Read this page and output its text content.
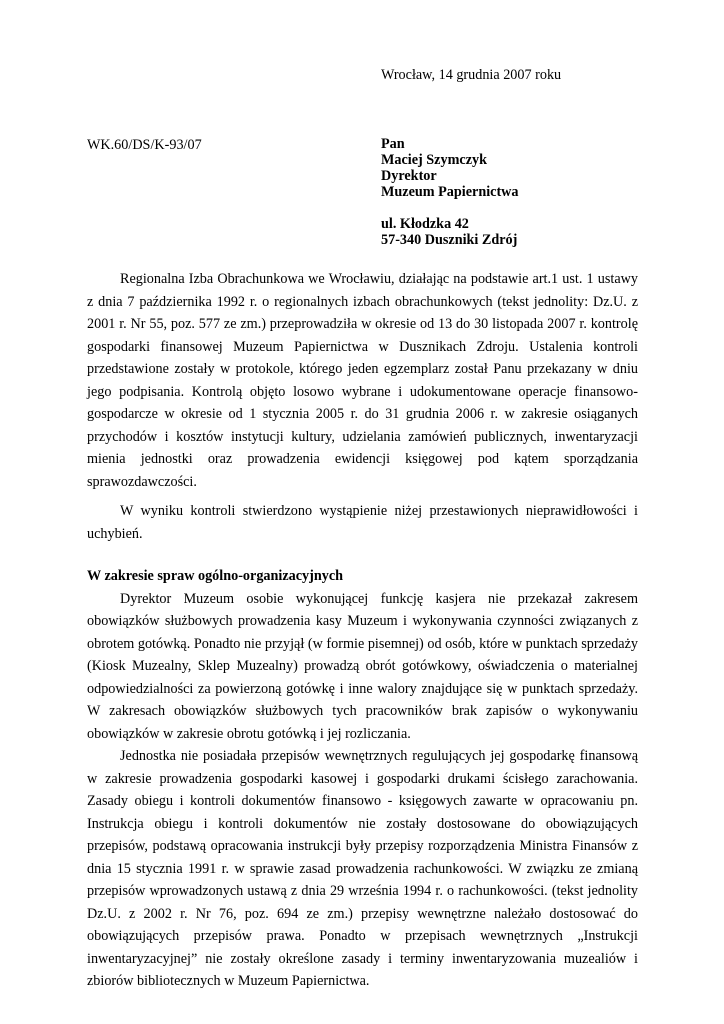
Wrocław, 14 grudnia 2007 roku
WK.60/DS/K-93/07	Pan
Maciej Szymczyk
Dyrektor
Muzeum Papiernictwa
ul. Kłodzka 42
57-340 Duszniki Zdrój

Regionalna Izba Obrachunkowa we Wrocławiu, działając na podstawie art.1 ust. 1 ustawy z dnia 7 października 1992 r. o regionalnych izbach obrachunkowych (tekst jednolity: Dz.U. z 2001 r. Nr 55, poz. 577 ze zm.) przeprowadziła w okresie od 13 do 30 listopada 2007 r. kontrolę gospodarki finansowej Muzeum Papiernictwa w Dusznikach Zdroju. Ustalenia kontroli przedstawione zostały w protokole, którego jeden egzemplarz został Panu przekazany w dniu jego podpisania. Kontrolą objęto losowo wybrane i udokumentowane operacje finansowo-gospodarcze w okresie od 1 stycznia 2005 r. do 31 grudnia 2006 r. w zakresie osiąganych przychodów i kosztów instytucji kultury, udzielania zamówień publicznych, inwentaryzacji mienia jednostki oraz prowadzenia ewidencji księgowej pod kątem sporządzania sprawozdawczości.

W wyniku kontroli stwierdzono wystąpienie niżej przestawionych nieprawidłowości i uchybień.

W zakresie spraw ogólno-organizacyjnych

Dyrektor Muzeum osobie wykonującej funkcję kasjera nie przekazał zakresem obowiązków służbowych prowadzenia kasy Muzeum i wykonywania czynności związanych z obrotem gotówką. Ponadto nie przyjął (w formie pisemnej) od osób, które w punktach sprzedaży (Kiosk Muzealny, Sklep Muzealny) prowadzą obrót gotówkowy, oświadczenia o materialnej odpowiedzialności za powierzoną gotówkę i inne walory znajdujące się w punktach sprzedaży. W zakresach obowiązków służbowych tych pracowników brak zapisów o wykonywaniu obowiązków w zakresie obrotu gotówką i jej rozliczania.

Jednostka nie posiadała przepisów wewnętrznych regulujących jej gospodarkę finansową w zakresie prowadzenia gospodarki kasowej i gospodarki drukami ścisłego zarachowania. Zasady obiegu i kontroli dokumentów finansowo - księgowych zawarte w opracowaniu pn. Instrukcja obiegu i kontroli dokumentów nie zostały dostosowane do obowiązujących przepisów, podstawą opracowania instrukcji były przepisy rozporządzenia Ministra Finansów z dnia 15 stycznia 1991 r. w sprawie zasad prowadzenia rachunkowości. W związku ze zmianą przepisów wprowadzonych ustawą z dnia 29 września 1994 r. o rachunkowości. (tekst jednolity Dz.U. z 2002 r. Nr 76, poz. 694 ze zm.) przepisy wewnętrzne należało dostosować do obowiązujących przepisów prawa. Ponadto w przepisach wewnętrznych „Instrukcji inwentaryzacyjnej” nie zostały określone zasady i terminy inwentaryzowania muzealiów i zbiorów bibliotecznych w Muzeum Papiernictwa.
